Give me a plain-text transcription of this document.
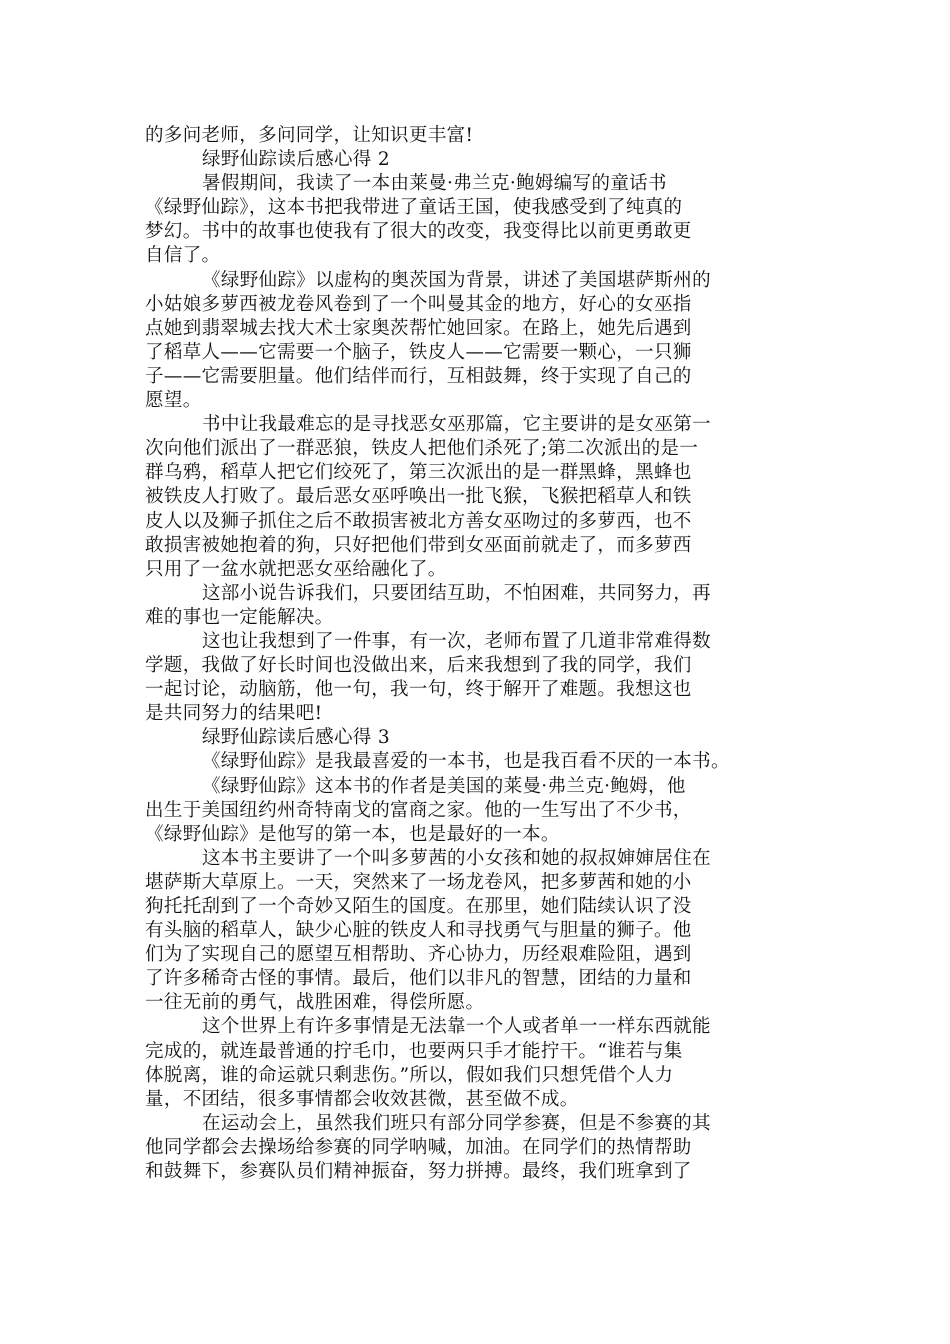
的多问老师，多问同学，让知识更丰富!
绿野仙踪读后感心得 2
暑假期间，我读了一本由莱曼·弗兰克·鲍姆编写的童话书
《绿野仙踪》，这本书把我带进了童话王国，使我感受到了纯真的
梦幻。书中的故事也使我有了很大的改变，我变得比以前更勇敢更
自信了。
《绿野仙踪》以虚构的奥茨国为背景，讲述了美国堪萨斯州的
小姑娘多萝西被龙卷风卷到了一个叫曼其金的地方，好心的女巫指
点她到翡翠城去找大术士家奥茨帮忙她回家。在路上，她先后遇到
了稻草人——它需要一个脑子，铁皮人——它需要一颗心，一只狮
子——它需要胆量。他们结伴而行，互相鼓舞，终于实现了自己的
愿望。
书中让我最难忘的是寻找恶女巫那篇，它主要讲的是女巫第一
次向他们派出了一群恶狼，铁皮人把他们杀死了;第二次派出的是一
群乌鸦，稻草人把它们绞死了，第三次派出的是一群黑蜂，黑蜂也
被铁皮人打败了。最后恶女巫呼唤出一批飞猴，飞猴把稻草人和铁
皮人以及狮子抓住之后不敢损害被北方善女巫吻过的多萝西，也不
敢损害被她抱着的狗，只好把他们带到女巫面前就走了，而多萝西
只用了一盆水就把恶女巫给融化了。
这部小说告诉我们，只要团结互助，不怕困难，共同努力，再
难的事也一定能解决。
这也让我想到了一件事，有一次，老师布置了几道非常难得数
学题，我做了好长时间也没做出来，后来我想到了我的同学，我们
一起讨论，动脑筋，他一句，我一句，终于解开了难题。我想这也
是共同努力的结果吧!
绿野仙踪读后感心得 3
《绿野仙踪》是我最喜爱的一本书，也是我百看不厌的一本书。
《绿野仙踪》这本书的作者是美国的莱曼·弗兰克·鲍姆，他
出生于美国纽约州奇特南戈的富商之家。他的一生写出了不少书，
《绿野仙踪》是他写的第一本，也是最好的一本。
这本书主要讲了一个叫多萝茜的小女孩和她的叔叔婶婶居住在
堪萨斯大草原上。一天，突然来了一场龙卷风，把多萝茜和她的小
狗托托刮到了一个奇妙又陌生的国度。在那里，她们陆续认识了没
有头脑的稻草人，缺少心脏的铁皮人和寻找勇气与胆量的狮子。他
们为了实现自己的愿望互相帮助、齐心协力，历经艰难险阻，遇到
了许多稀奇古怪的事情。最后，他们以非凡的智慧，团结的力量和
一往无前的勇气，战胜困难，得偿所愿。
这个世界上有许多事情是无法靠一个人或者单一一样东西就能
完成的，就连最普通的拧毛巾，也要两只手才能拧干。“谁若与集
体脱离，谁的命运就只剩悲伤。”所以，假如我们只想凭借个人力
量，不团结，很多事情都会收效甚微，甚至做不成。
在运动会上，虽然我们班只有部分同学参赛，但是不参赛的其
他同学都会去操场给参赛的同学呐喊，加油。在同学们的热情帮助
和鼓舞下，参赛队员们精神振奋，努力拼搏。最终，我们班拿到了
